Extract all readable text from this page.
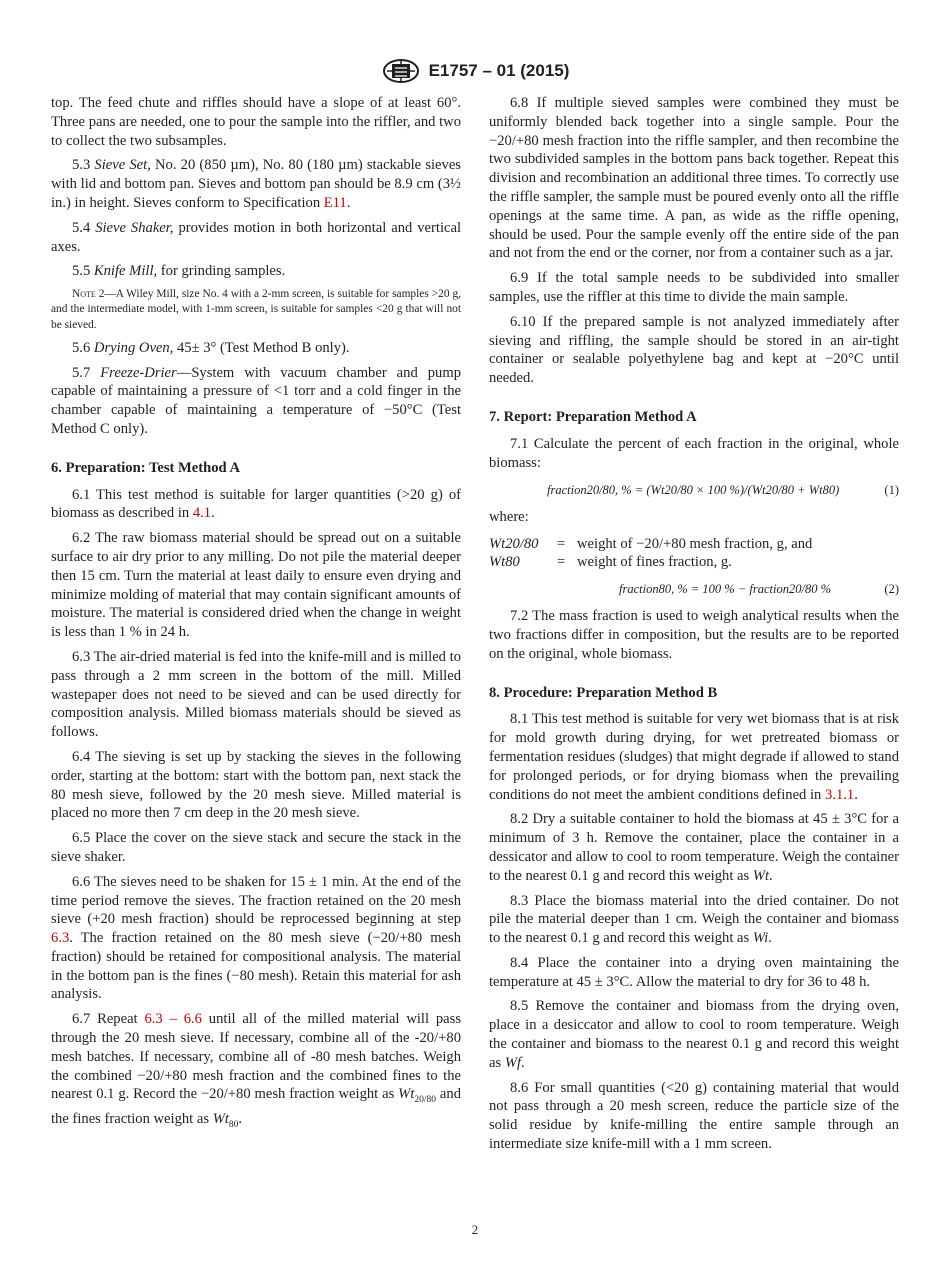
E1757 – 01 (2015)

top. The feed chute and riffles should have a slope of at least 60°. Three pans are needed, one to pour the sample into the riffler, and two to collect the two subsamples.

5.3 Sieve Set, No. 20 (850 µm), No. 80 (180 µm) stackable sieves with lid and bottom pan. Sieves and bottom pan should be 8.9 cm (3½ in.) in height. Sieves conform to Specification E11.

5.4 Sieve Shaker, provides motion in both horizontal and vertical axes.

5.5 Knife Mill, for grinding samples.

Note 2—A Wiley Mill, size No. 4 with a 2-mm screen, is suitable for samples >20 g, and the intermediate model, with 1-mm screen, is suitable for samples <20 g that will not be sieved.

5.6 Drying Oven, 45± 3° (Test Method B only).

5.7 Freeze-Drier—System with vacuum chamber and pump capable of maintaining a pressure of <1 torr and a cold finger in the chamber capable of maintaining a temperature of −50°C (Test Method C only).

6. Preparation: Test Method A

6.1 This test method is suitable for larger quantities (>20 g) of biomass as described in 4.1.

6.2 The raw biomass material should be spread out on a suitable surface to air dry prior to any milling. Do not pile the material deeper then 15 cm. Turn the material at least daily to ensure even drying and minimize molding of material that may contain significant amounts of moisture. The material is considered dried when the change in weight is less than 1 % in 24 h.

6.3 The air-dried material is fed into the knife-mill and is milled to pass through a 2 mm screen in the bottom of the mill. Milled wastepaper does not need to be sieved and can be used directly for composition analysis. Milled biomass materials should be sieved as follows.

6.4 The sieving is set up by stacking the sieves in the following order, starting at the bottom: start with the bottom pan, next stack the 80 mesh sieve, followed by the 20 mesh sieve. Milled material is placed no more then 7 cm deep in the 20 mesh sieve.

6.5 Place the cover on the sieve stack and secure the stack in the sieve shaker.

6.6 The sieves need to be shaken for 15 ± 1 min. At the end of the time period remove the sieves. The fraction retained on the 20 mesh sieve (+20 mesh fraction) should be reprocessed beginning at step 6.3. The fraction retained on the 80 mesh sieve (−20/+80 mesh fraction) should be retained for compositional analysis. The material in the bottom pan is the fines (−80 mesh). Retain this material for ash analysis.

6.7 Repeat 6.3 – 6.6 until all of the milled material will pass through the 20 mesh sieve. If necessary, combine all of the -20/+80 mesh batches. If necessary, combine all of -80 mesh batches. Weigh the combined −20/+80 mesh fraction and the combined fines to the nearest 0.1 g. Record the −20/+80 mesh fraction weight as $Wt_{20/80}$ and the fines fraction weight as $Wt_{80}$.

6.8 If multiple sieved samples were combined they must be uniformly blended back together into a single sample. Pour the −20/+80 mesh fraction into the riffle sampler, and then recombine the two subdivided samples in the bottom pans back together. Repeat this division and recombination an additional three times. To correctly use the riffle sampler, the sample must be poured evenly onto all the riffle openings at the same time. A pan, as wide as the riffle opening, should be used. Pour the sample evenly off the entire side of the pan and not from the end or the corner, nor from a container such as a jar.

6.9 If the total sample needs to be subdivided into smaller samples, use the riffler at this time to divide the main sample.

6.10 If the prepared sample is not analyzed immediately after sieving and riffling, the sample should be stored in an air-tight container or sealable polyethylene bag and kept at −20°C until needed.

7. Report: Preparation Method A

7.1 Calculate the percent of each fraction in the original, whole biomass:

fraction20/80, % = (Wt20/80 × 100 %)/(Wt20/80 + Wt80)	(1)

where:

Wt20/80	=	weight of −20/+80 mesh fraction, g, and
Wt80	=	weight of fines fraction, g.
fraction80, % = 100 % − fraction20/80 %	(2)

7.2 The mass fraction is used to weigh analytical results when the two fractions differ in composition, but the results are to be reported on the original, whole biomass.

8. Procedure: Preparation Method B

8.1 This test method is suitable for very wet biomass that is at risk for mold growth during drying, for wet pretreated biomass or fermentation residues (sludges) that might degrade if allowed to stand for prolonged periods, or for drying biomass when the prevailing conditions do not meet the ambient conditions defined in 3.1.1.

8.2 Dry a suitable container to hold the biomass at 45 ± 3°C for a minimum of 3 h. Remove the container, place the container in a dessicator and allow to cool to room temperature. Weigh the container to the nearest 0.1 g and record this weight as Wt.

8.3 Place the biomass material into the dried container. Do not pile the material deeper than 1 cm. Weigh the container and biomass to the nearest 0.1 g and record this weight as Wi.

8.4 Place the container into a drying oven maintaining the temperature at 45 ± 3°C. Allow the material to dry for 36 to 48 h.

8.5 Remove the container and biomass from the drying oven, place in a desiccator and allow to cool to room temperature. Weigh the container and biomass to the nearest 0.1 g and record this weight as Wf.

8.6 For small quantities (<20 g) containing material that would not pass through a 20 mesh screen, reduce the particle size of the solid residue by knife-milling the entire sample through an intermediate size knife-mill with a 1 mm screen.

2
